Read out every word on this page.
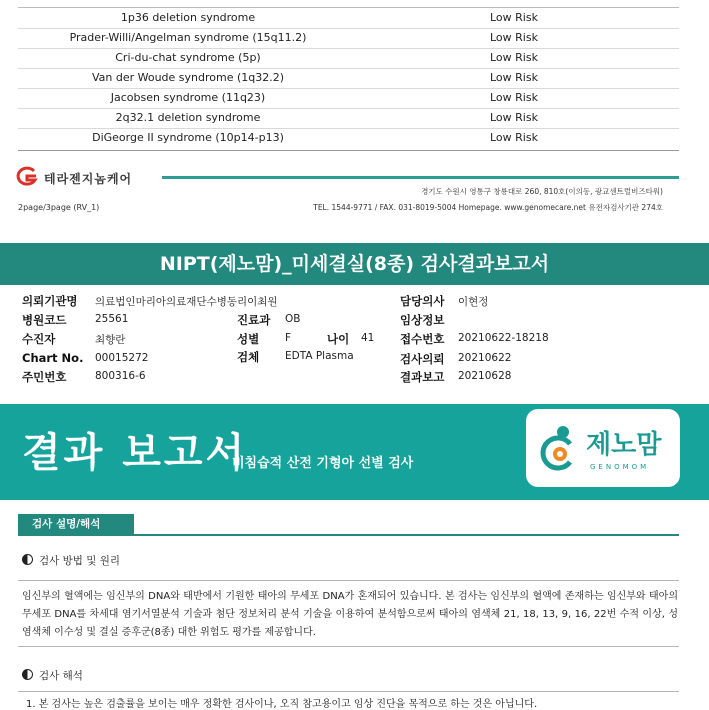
1p36 deletion syndrome	Low Risk
Prader-Willi/Angelman syndrome (15q11.2)	Low Risk
Cri-du-chat syndrome (5p)	Low Risk
Van der Woude syndrome (1q32.2)	Low Risk
Jacobsen syndrome (11q23)	Low Risk
2q32.1 deletion syndrome	Low Risk
DiGeorge II syndrome (10p14-p13)	Low Risk
테라젠지놈케어
경기도 수원시 영통구 창룡대로 260, 810호(이의동, 광교센트럴비즈타워)
TEL. 1544-9771 / FAX. 031-8019-5004 Homepage. www.genomecare.net 유전자검사기관 274호
2page/3page (RV_1)
NIPT(제노맘)_미세결실(8종) 검사결과보고서
의뢰기관명 의료법인마리아의료재단수병동리이최원	담당의사 이현정
병원코드	25561	진료과 OB	임상정보
수진자	최향란	성별 F	나이 41 접수번호 20210622-18218
Chart No. 00015272	검체 EDTA Plasma	검사의뢰 20210622
주민번호	800316-6	결과보고 20210628
결과 보고서
비침습적 산전 기형아 선별 검사
제노맘
GENOMOM
검사 설명/해석
검사 방법 및 원리
임신부의 혈액에는 임신부의 DNA와 태반에서 기원한 태아의 무세포 DNA가 혼재되어 있습니다. 본 검사는 임신부의 혈액에 존재하는 임신부와 태아의 무세포 DNA를 차세대 염기서열분석 기술과 첨단 정보처리 분석 기술을 이용하여 분석함으로써 태아의 염색체 21, 18, 13, 9, 16, 22번 수적 이상, 성염색체 이수성 및 결실 증후군(8종) 대한 위험도 평가를 제공합니다.
검사 해석
1. 본 검사는 높은 검출률을 보이는 매우 정확한 검사이나, 오직 참고용이고 임상 진단을 목적으로 하는 것은 아닙니다.
